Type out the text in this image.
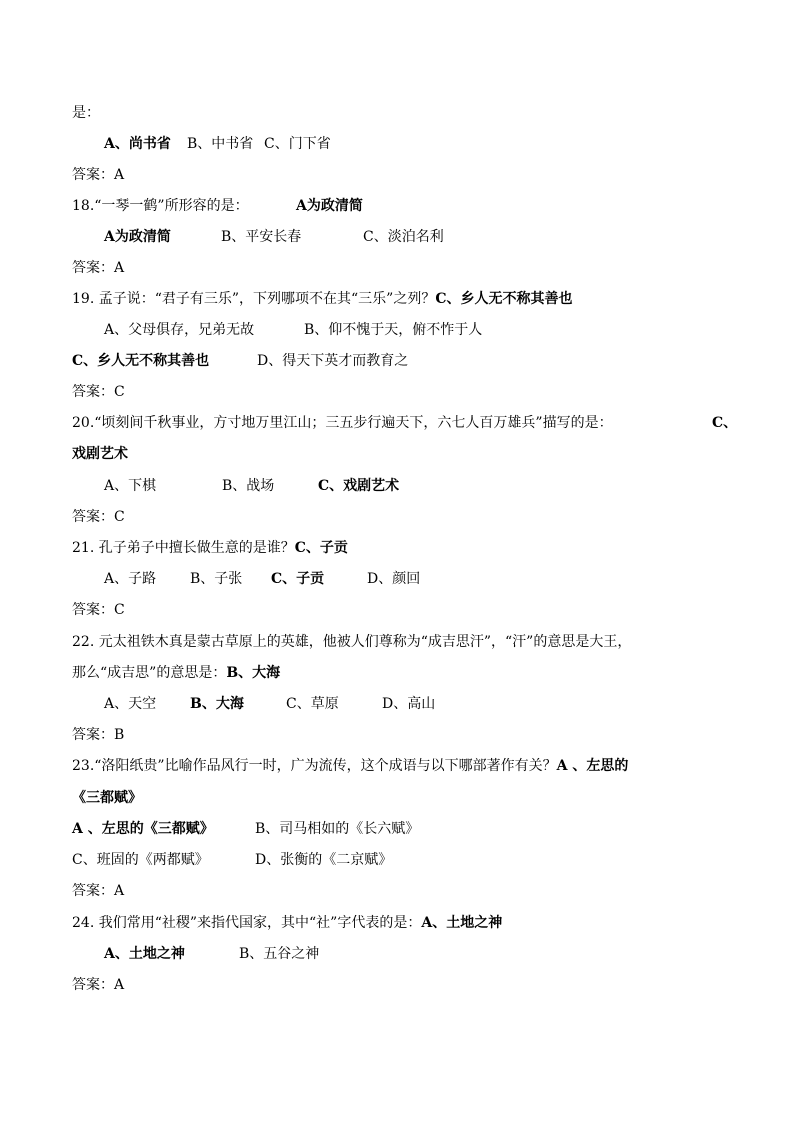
是：
A、尚书省 B、中书省 C、门下省
答案：A
18.“一琴一鹤”所形容的是：	A为政清简
A为政清简	B、平安长春	C、淡泊名利
答案：A
19. 孟子说：“君子有三乐”，下列哪项不在其“三乐”之列？C、乡人无不称其善也
A、父母俱存，兄弟无故	B、仰不愧于天，俯不怍于人
C、乡人无不称其善也	D、得天下英才而教育之
答案：C
20.“顷刻间千秋事业，方寸地万里江山；三五步行遍天下，六七人百万雄兵”描写的是：	C、
戏剧艺术
A、下棋	B、战场	C、戏剧艺术
答案：C
21. 孔子弟子中擅长做生意的是谁？C、子贡
A、子路 B、子张 C、子贡	D、颜回
答案：C
22. 元太祖铁木真是蒙古草原上的英雄，他被人们尊称为“成吉思汗”，“汗”的意思是大王，
那么“成吉思”的意思是：B、大海
A、天空 B、大海	C、草原	D、高山
答案：B
23.“洛阳纸贵”比喻作品风行一时，广为流传，这个成语与以下哪部著作有关？A 、左思的
《三都赋》
A 、左思的《三都赋》	B、司马相如的《长六赋》
C、班固的《两都赋》	D、张衡的《二京赋》
答案：A
24. 我们常用“社稷”来指代国家，其中“社”字代表的是：A、土地之神
A、土地之神	B、五谷之神
答案：A
